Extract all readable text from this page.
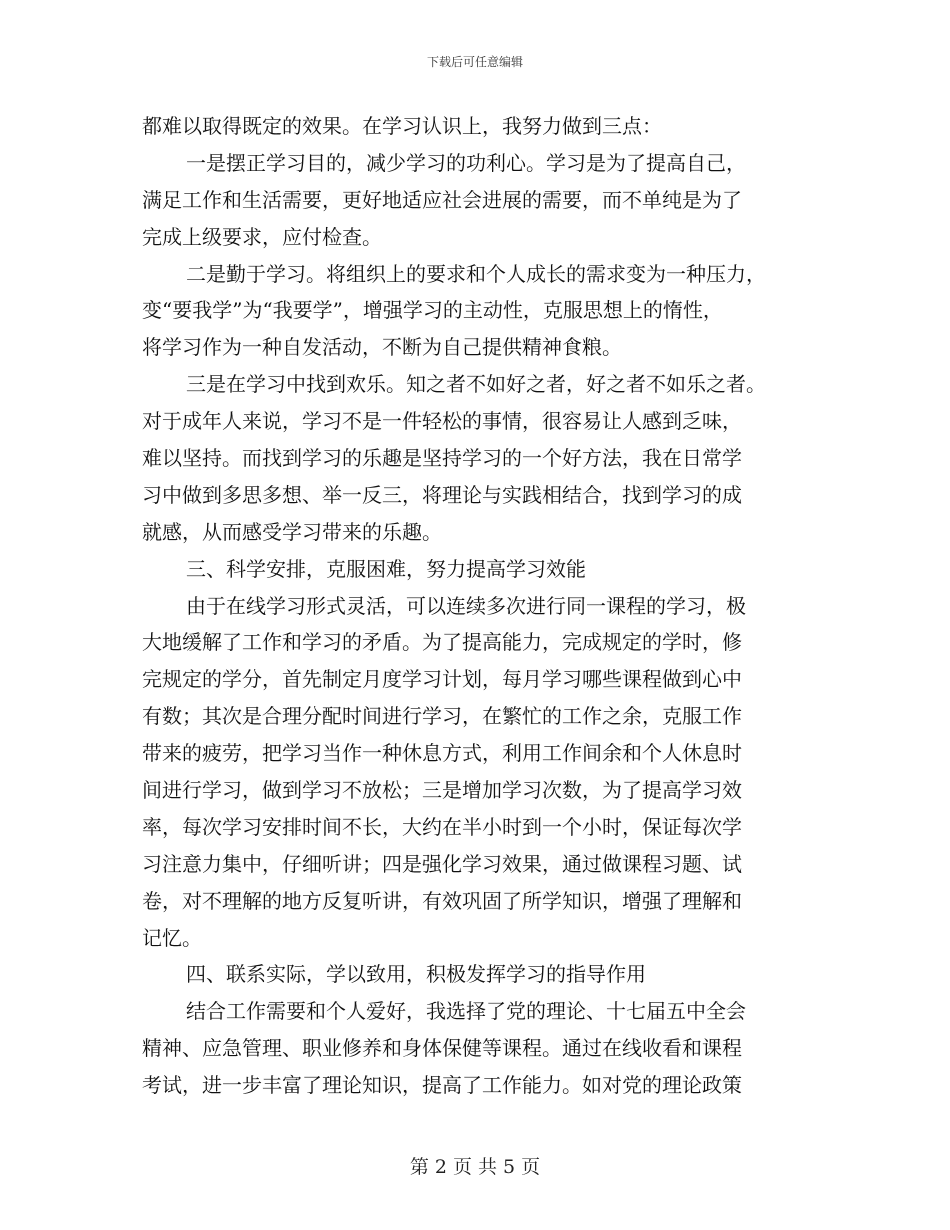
下载后可任意编辑
都难以取得既定的效果。在学习认识上，我努力做到三点：
一是摆正学习目的，减少学习的功利心。学习是为了提高自己，
满足工作和生活需要，更好地适应社会进展的需要，而不单纯是为了
完成上级要求，应付检查。
二是勤于学习。将组织上的要求和个人成长的需求变为一种压力，
变“要我学”为“我要学”，增强学习的主动性，克服思想上的惰性，
将学习作为一种自发活动，不断为自己提供精神食粮。
三是在学习中找到欢乐。知之者不如好之者，好之者不如乐之者。
对于成年人来说，学习不是一件轻松的事情，很容易让人感到乏味，
难以坚持。而找到学习的乐趣是坚持学习的一个好方法，我在日常学
习中做到多思多想、举一反三，将理论与实践相结合，找到学习的成
就感，从而感受学习带来的乐趣。
三、科学安排，克服困难，努力提高学习效能
由于在线学习形式灵活，可以连续多次进行同一课程的学习，极
大地缓解了工作和学习的矛盾。为了提高能力，完成规定的学时，修
完规定的学分，首先制定月度学习计划，每月学习哪些课程做到心中
有数；其次是合理分配时间进行学习，在繁忙的工作之余，克服工作
带来的疲劳，把学习当作一种休息方式，利用工作间余和个人休息时
间进行学习，做到学习不放松；三是增加学习次数，为了提高学习效
率，每次学习安排时间不长，大约在半小时到一个小时，保证每次学
习注意力集中，仔细听讲；四是强化学习效果，通过做课程习题、试
卷，对不理解的地方反复听讲，有效巩固了所学知识，增强了理解和
记忆。
四、联系实际，学以致用，积极发挥学习的指导作用
结合工作需要和个人爱好，我选择了党的理论、十七届五中全会
精神、应急管理、职业修养和身体保健等课程。通过在线收看和课程
考试，进一步丰富了理论知识，提高了工作能力。如对党的理论政策
第 2 页 共 5 页
